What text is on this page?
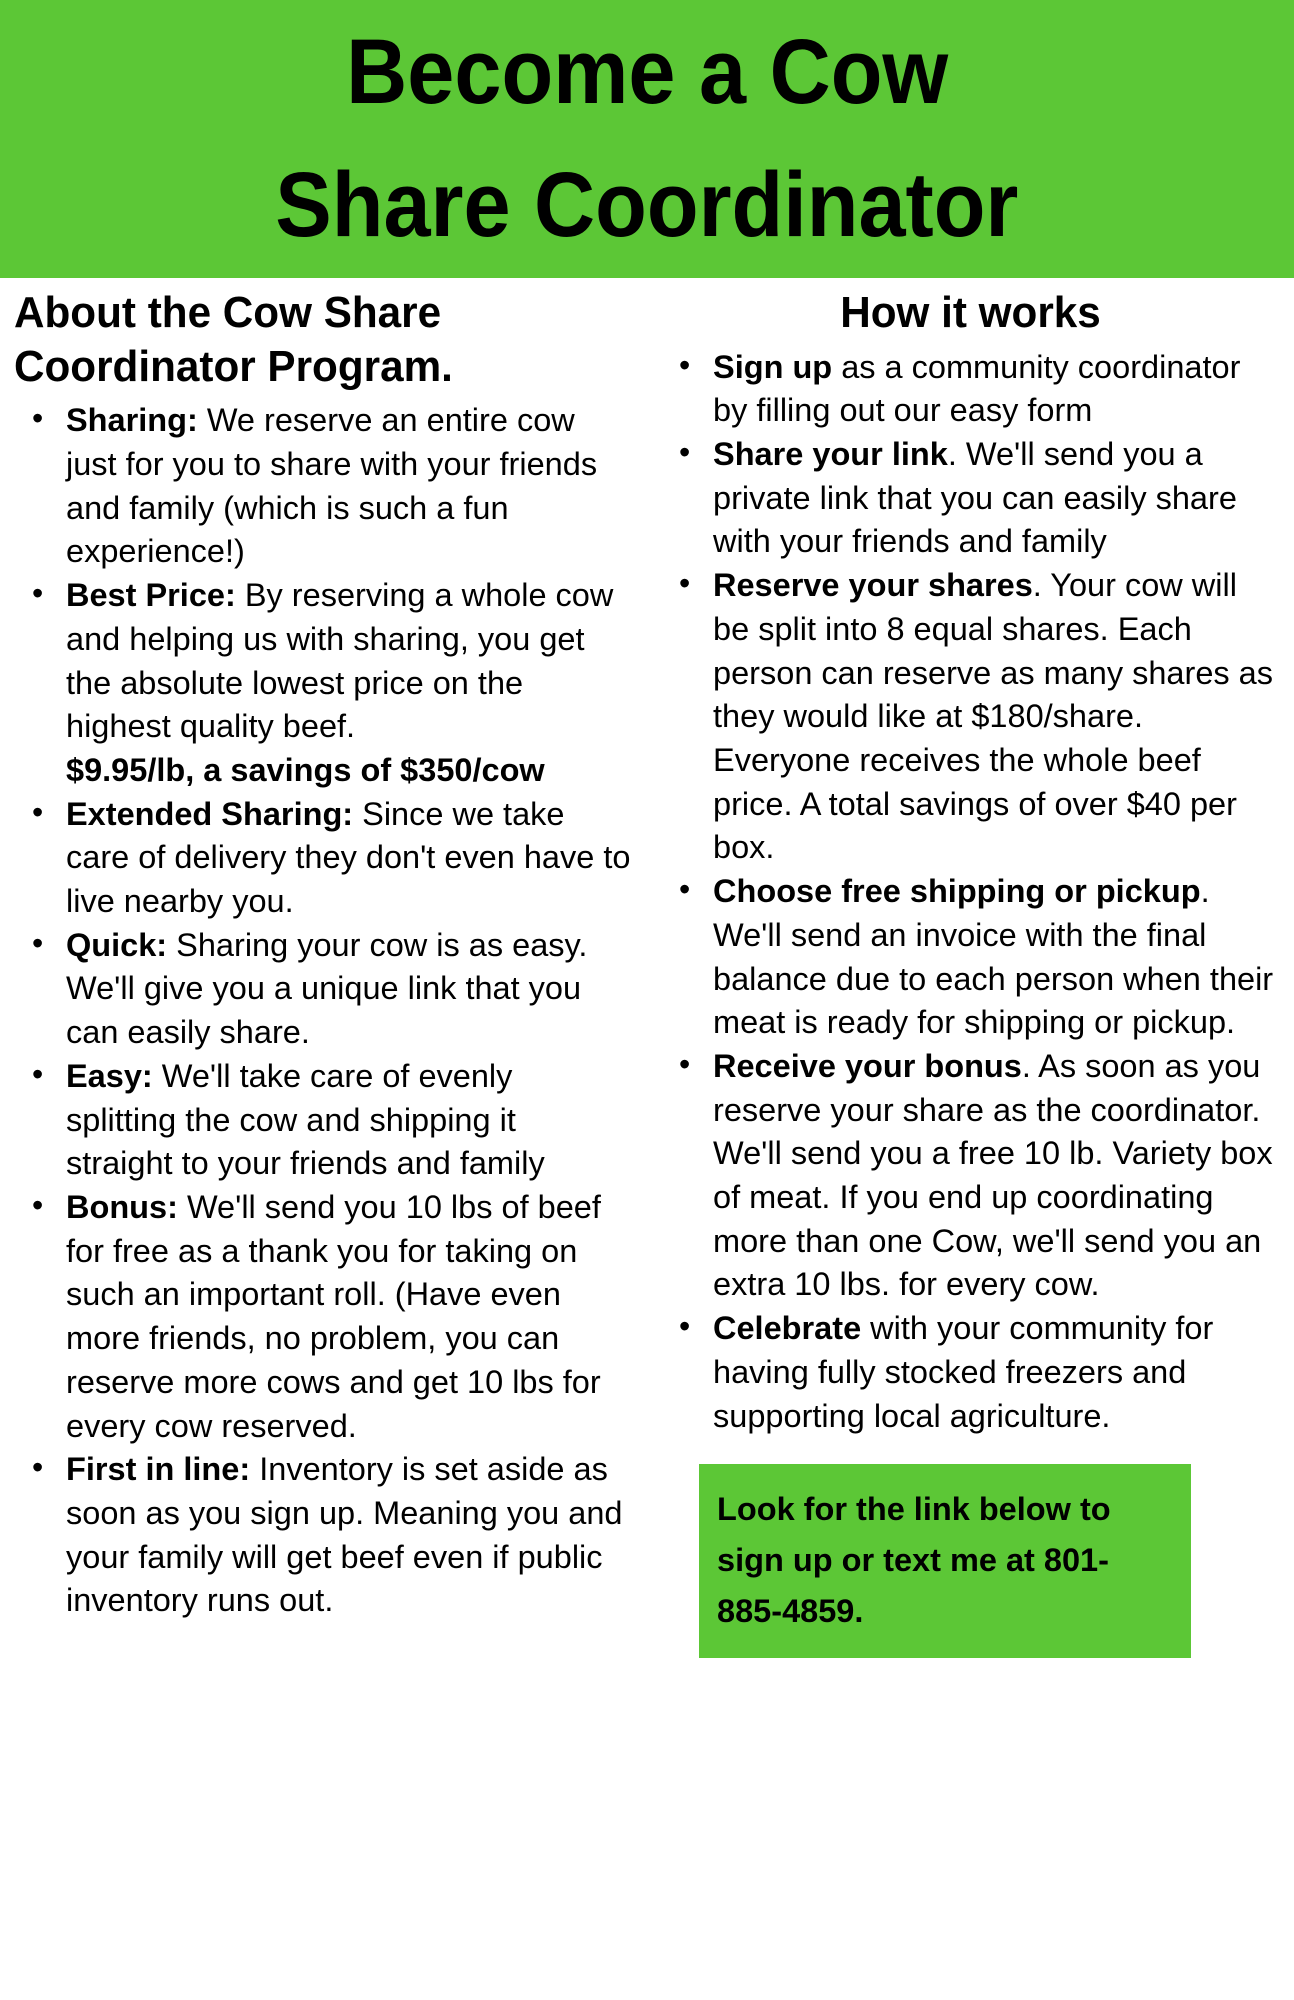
Become a Cow
Share Coordinator
About the Cow Share Coordinator Program.
• Sharing: We reserve an entire cow just for you to share with your friends and family (which is such a fun experience!)
• Best Price: By reserving a whole cow and helping us with sharing, you get the absolute lowest price on the highest quality beef.
$9.95/lb, a savings of $350/cow
• Extended Sharing: Since we take care of delivery they don't even have to live nearby you.
• Quick: Sharing your cow is as easy. We'll give you a unique link that you can easily share.
• Easy: We'll take care of evenly splitting the cow and shipping it straight to your friends and family
• Bonus: We'll send you 10 lbs of beef for free as a thank you for taking on such an important roll. (Have even more friends, no problem, you can reserve more cows and get 10 lbs for every cow reserved.
• First in line: Inventory is set aside as soon as you sign up. Meaning you and your family will get beef even if public inventory runs out.
How it works
• Sign up as a community coordinator by filling out our easy form
• Share your link. We'll send you a private link that you can easily share with your friends and family
• Reserve your shares. Your cow will be split into 8 equal shares. Each person can reserve as many shares as they would like at $180/share. Everyone receives the whole beef price. A total savings of over $40 per box.
• Choose free shipping or pickup. We'll send an invoice with the final balance due to each person when their meat is ready for shipping or pickup.
• Receive your bonus. As soon as you reserve your share as the coordinator. We'll send you a free 10 lb. Variety box of meat. If you end up coordinating more than one Cow, we'll send you an extra 10 lbs. for every cow.
• Celebrate with your community for having fully stocked freezers and supporting local agriculture.
Look for the link below to sign up or text me at 801-885-4859.
